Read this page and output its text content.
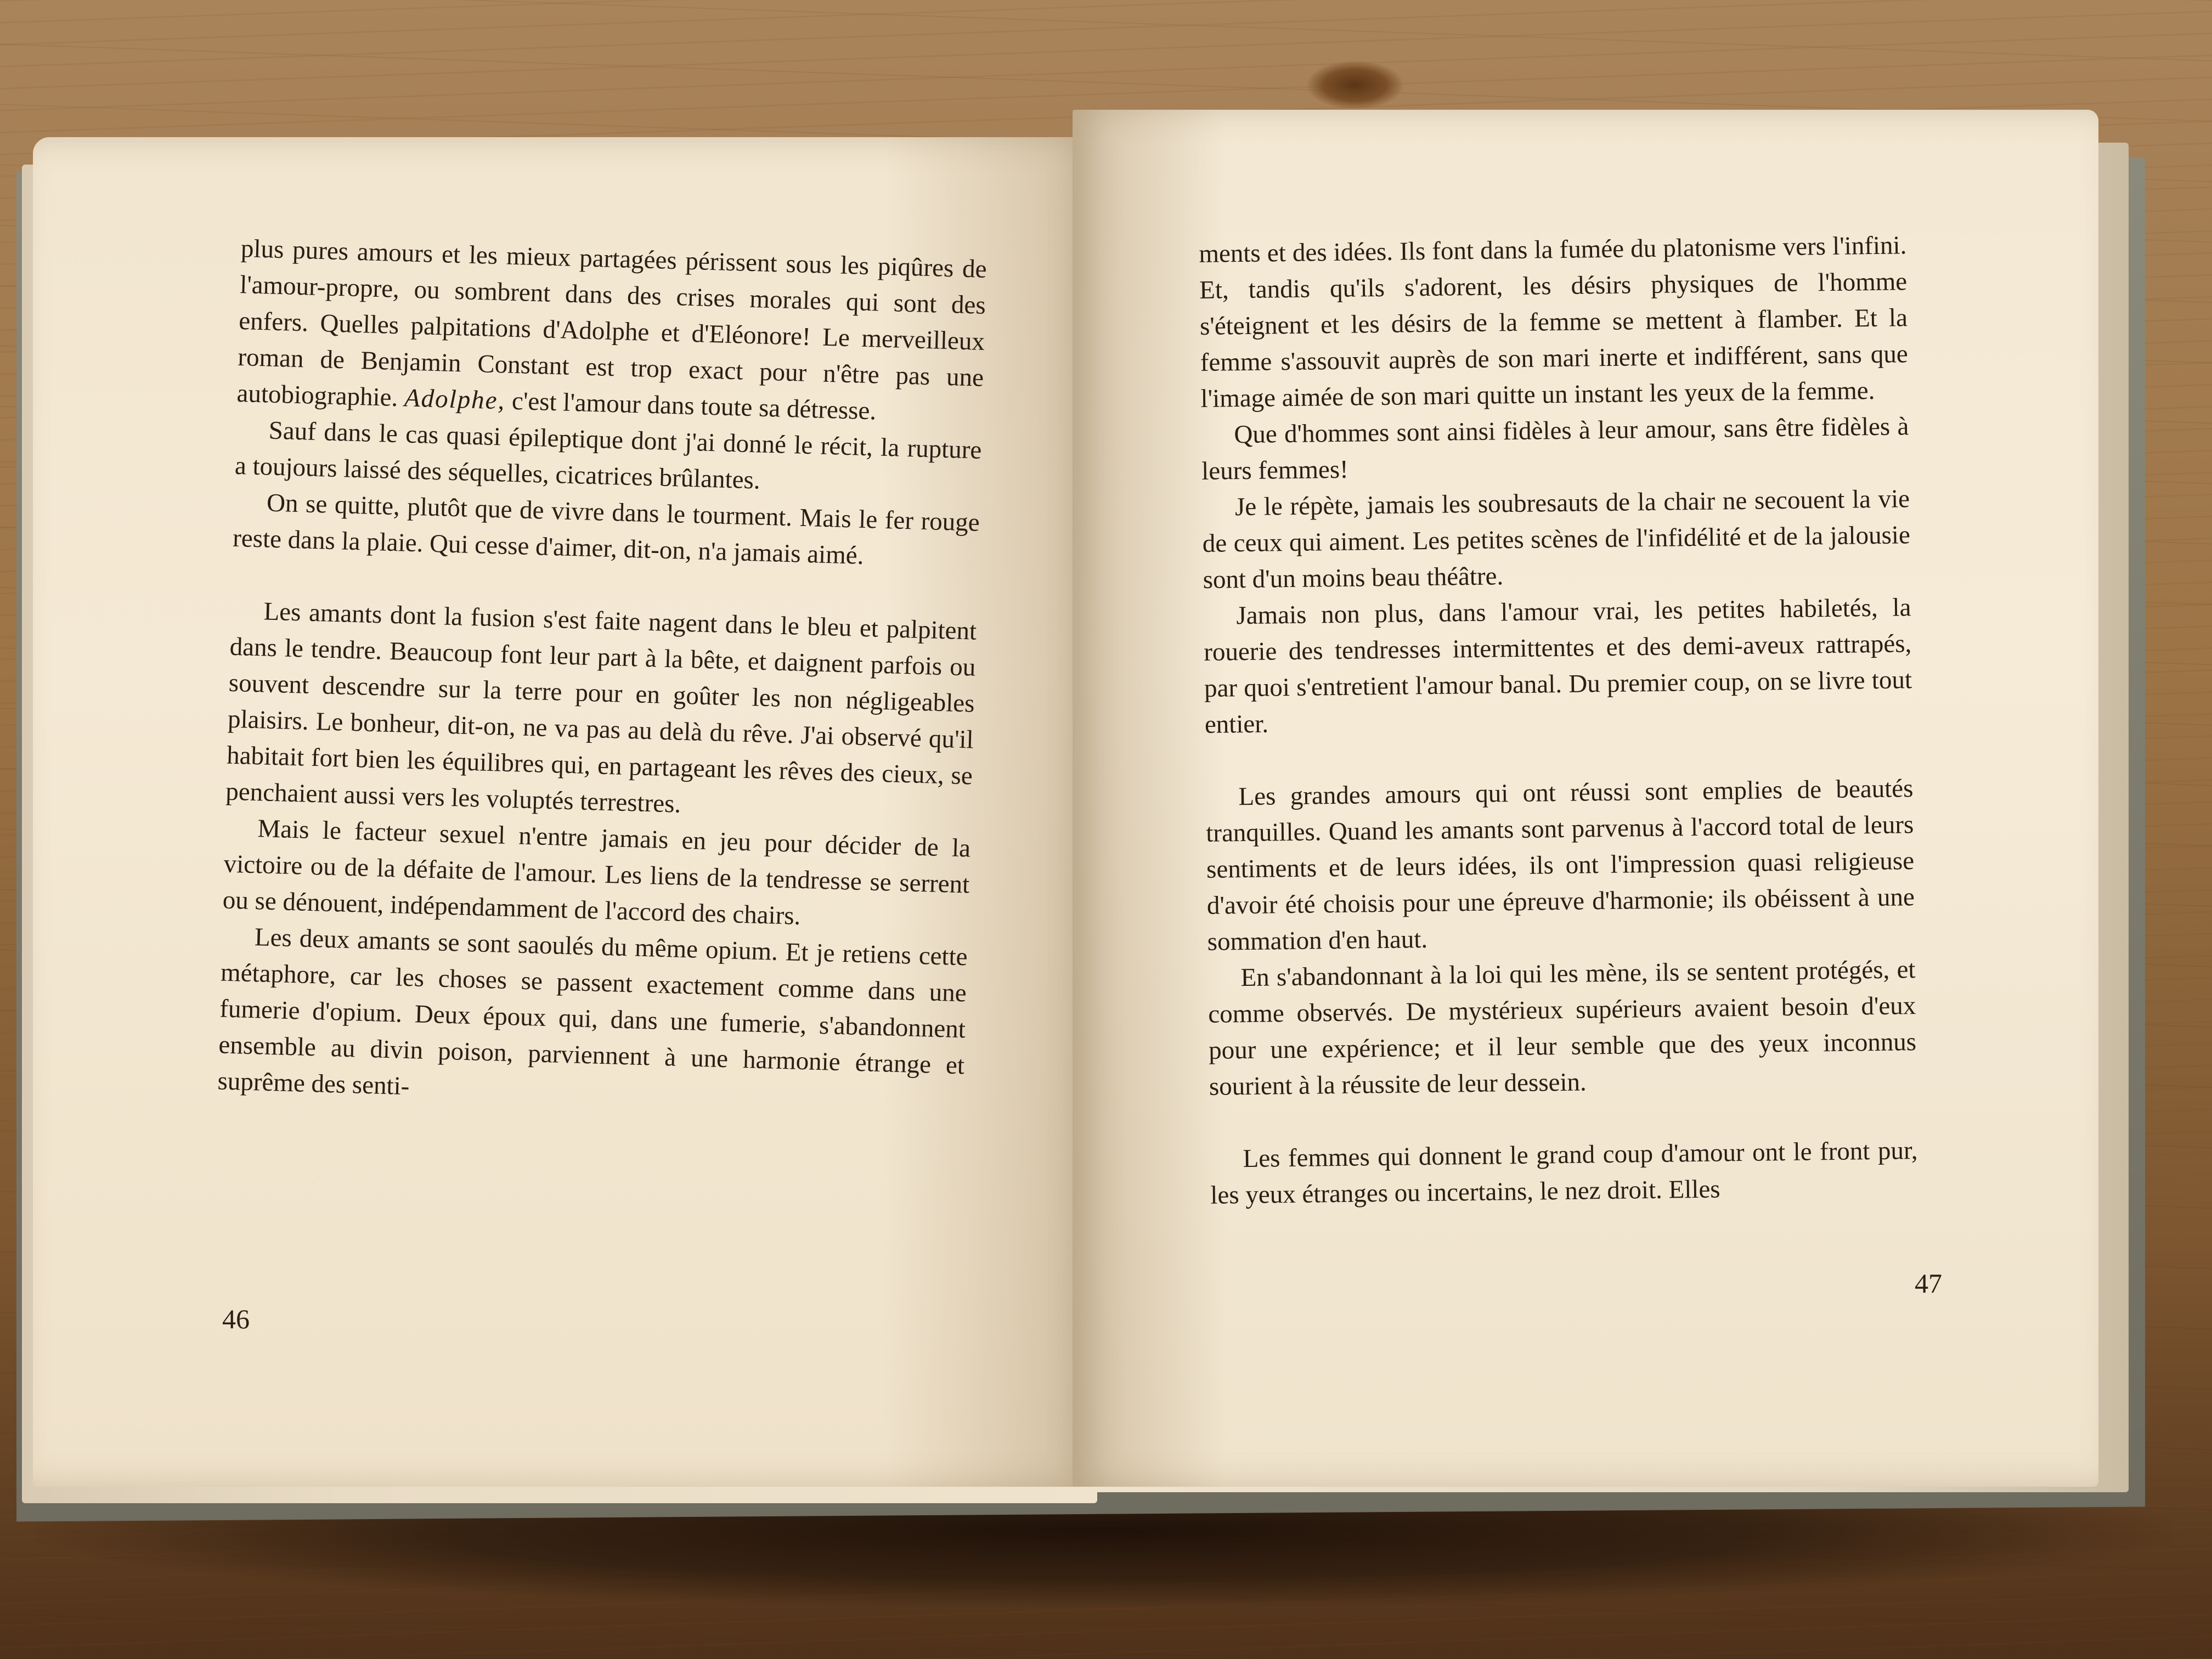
plus pures amours et les mieux partagées périssent sous les piqûres de l'amour-propre, ou sombrent dans des crises morales qui sont des enfers. Quelles palpitations d'Adolphe et d'Eléonore! Le merveilleux roman de Benjamin Constant est trop exact pour n'être pas une autobiographie. Adolphe, c'est l'amour dans toute sa détresse.

Sauf dans le cas quasi épileptique dont j'ai donné le récit, la rupture a toujours laissé des séquelles, cicatrices brûlantes.

On se quitte, plutôt que de vivre dans le tourment. Mais le fer rouge reste dans la plaie. Qui cesse d'aimer, dit-on, n'a jamais aimé.

Les amants dont la fusion s'est faite nagent dans le bleu et palpitent dans le tendre. Beaucoup font leur part à la bête, et daignent parfois ou souvent descendre sur la terre pour en goûter les non négligeables plaisirs. Le bonheur, dit-on, ne va pas au delà du rêve. J'ai observé qu'il habitait fort bien les équilibres qui, en partageant les rêves des cieux, se penchaient aussi vers les voluptés terrestres.

Mais le facteur sexuel n'entre jamais en jeu pour décider de la victoire ou de la défaite de l'amour. Les liens de la tendresse se serrent ou se dénouent, indépendamment de l'accord des chairs.

Les deux amants se sont saoulés du même opium. Et je retiens cette métaphore, car les choses se passent exactement comme dans une fumerie d'opium. Deux époux qui, dans une fumerie, s'abandonnent ensemble au divin poison, parviennent à une harmonie étrange et suprême des senti-

46

ments et des idées. Ils font dans la fumée du platonisme vers l'infini. Et, tandis qu'ils s'adorent, les désirs physiques de l'homme s'éteignent et les désirs de la femme se mettent à flamber. Et la femme s'assouvit auprès de son mari inerte et indifférent, sans que l'image aimée de son mari quitte un instant les yeux de la femme.

Que d'hommes sont ainsi fidèles à leur amour, sans être fidèles à leurs femmes!

Je le répète, jamais les soubresauts de la chair ne secouent la vie de ceux qui aiment. Les petites scènes de l'infidélité et de la jalousie sont d'un moins beau théâtre.

Jamais non plus, dans l'amour vrai, les petites habiletés, la rouerie des tendresses intermittentes et des demi-aveux rattrapés, par quoi s'entretient l'amour banal. Du premier coup, on se livre tout entier.

Les grandes amours qui ont réussi sont emplies de beautés tranquilles. Quand les amants sont parvenus à l'accord total de leurs sentiments et de leurs idées, ils ont l'impression quasi religieuse d'avoir été choisis pour une épreuve d'harmonie; ils obéissent à une sommation d'en haut.

En s'abandonnant à la loi qui les mène, ils se sentent protégés, et comme observés. De mystérieux supérieurs avaient besoin d'eux pour une expérience; et il leur semble que des yeux inconnus sourient à la réussite de leur dessein.

Les femmes qui donnent le grand coup d'amour ont le front pur, les yeux étranges ou incertains, le nez droit. Elles

47
